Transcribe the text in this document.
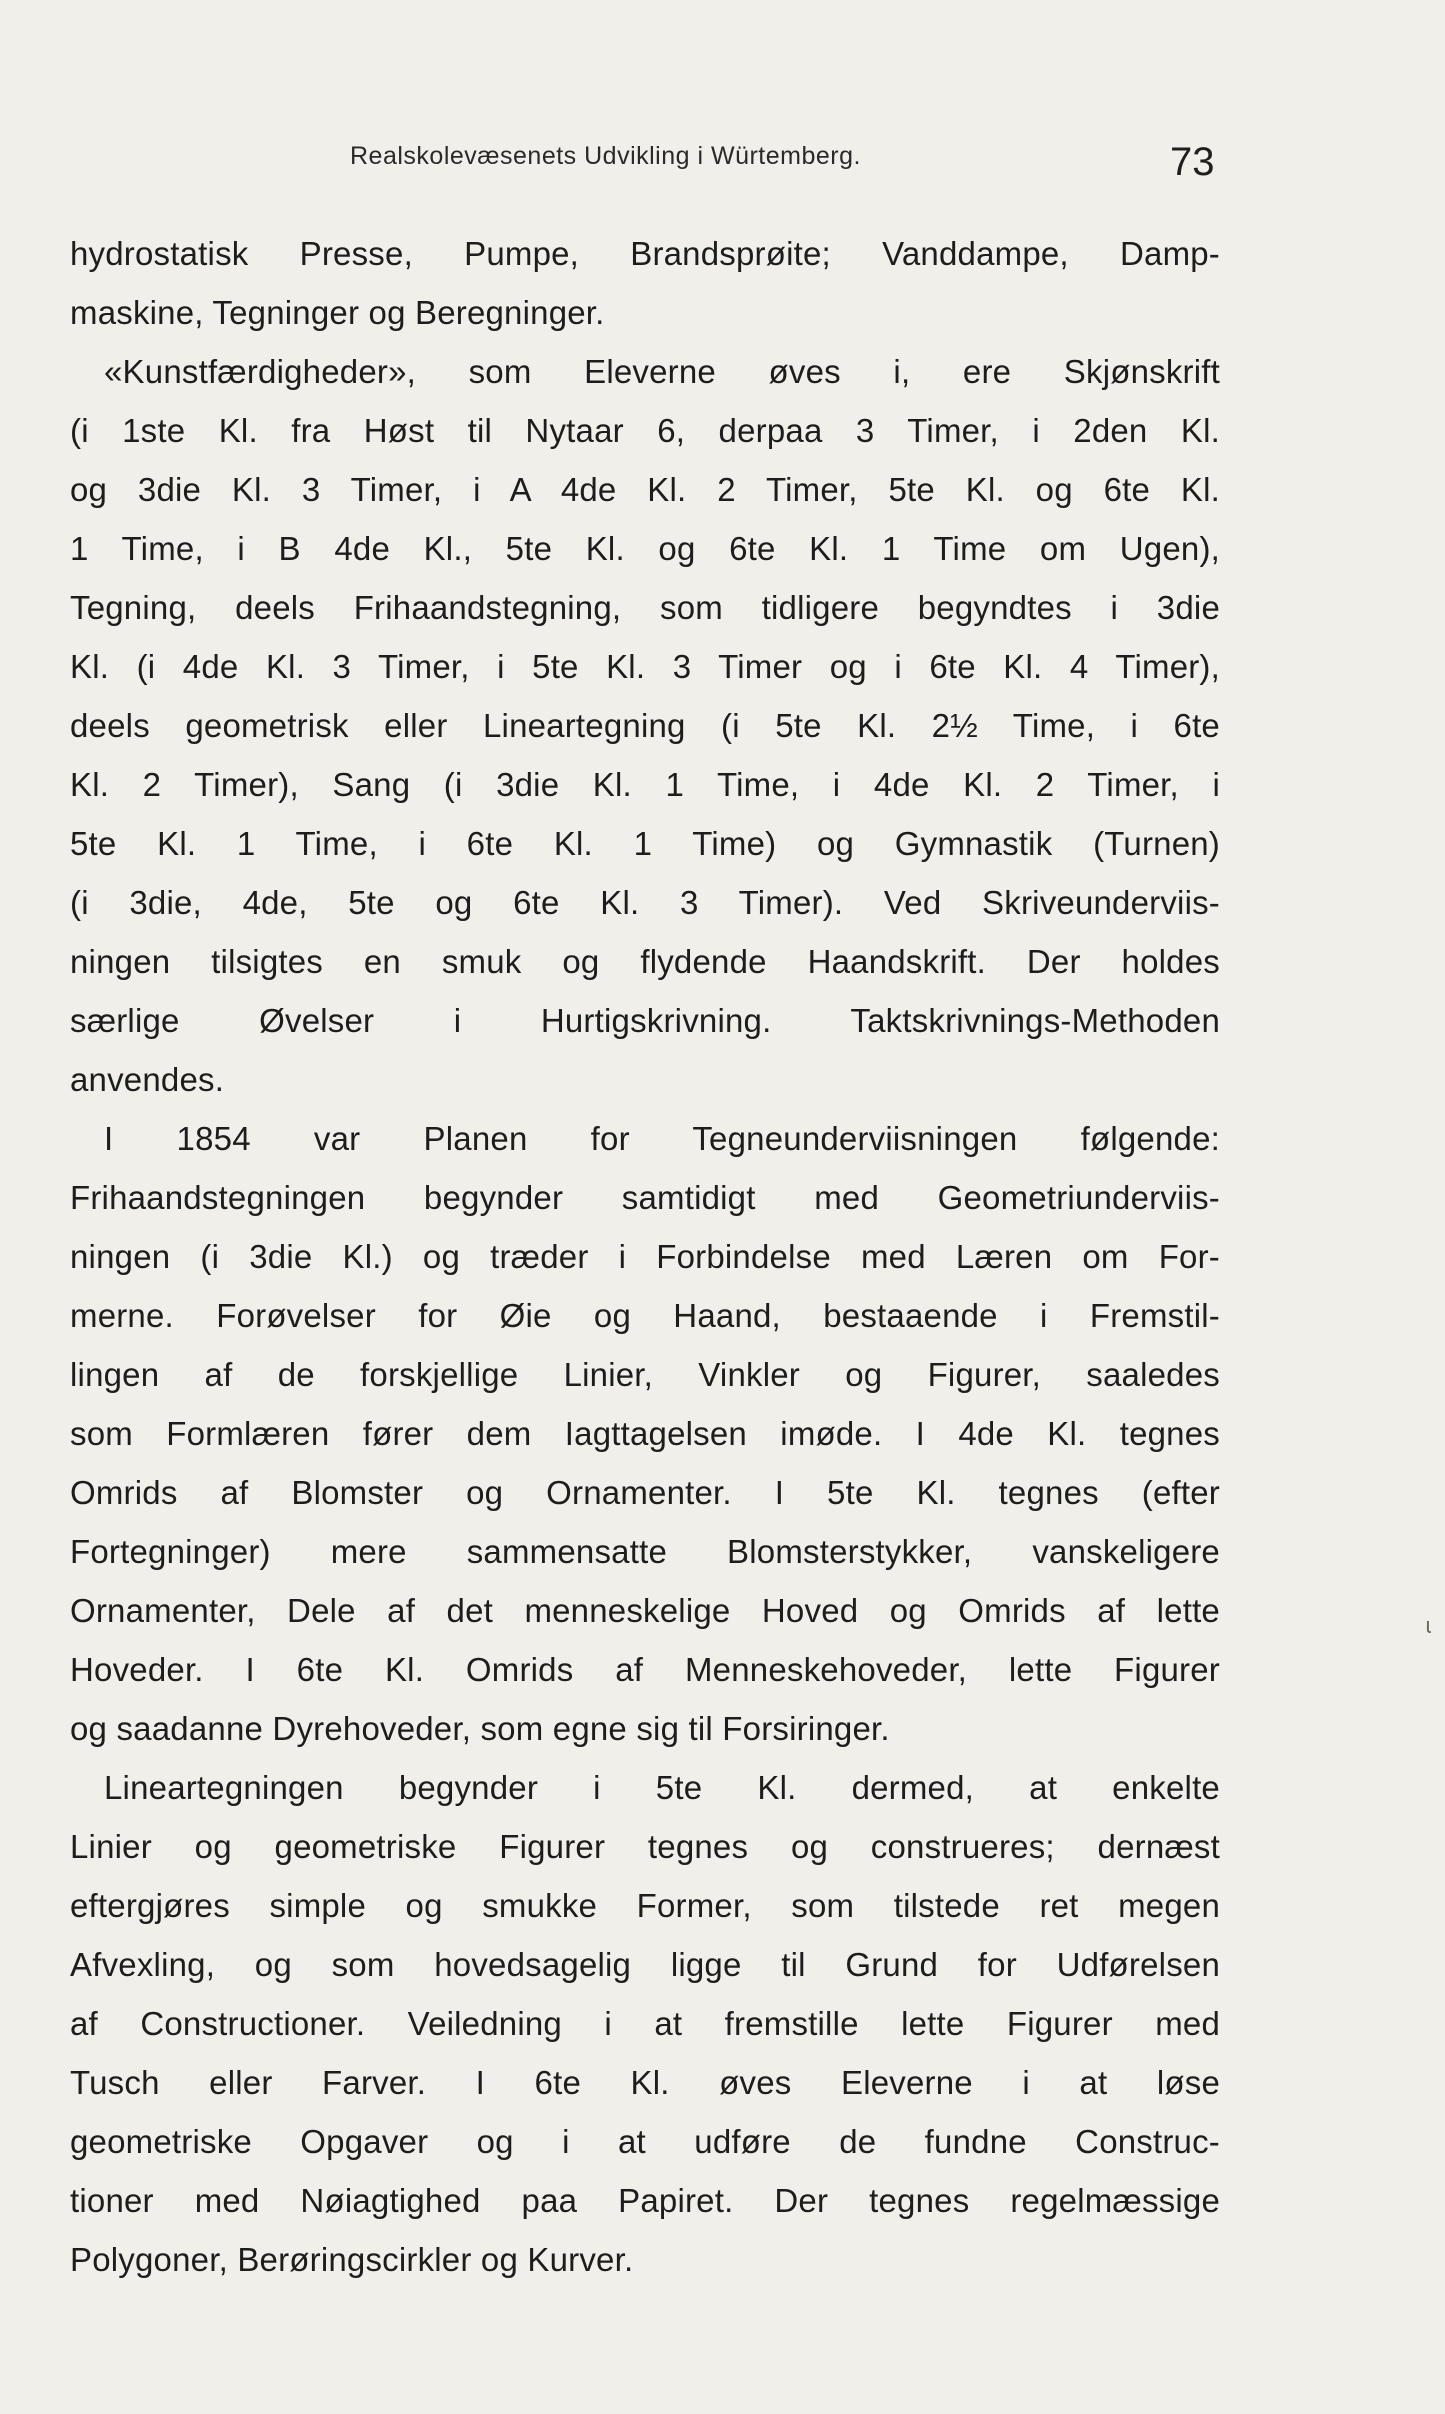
Realskolevæsenets Udvikling i Würtemberg.	73
hydrostatisk Presse, Pumpe, Brandsprøite; Vanddampe, Damp-
maskine, Tegninger og Beregninger.
«Kunstfærdigheder», som Eleverne øves i, ere Skjønskrift
(i 1ste Kl. fra Høst til Nytaar 6, derpaa 3 Timer, i 2den Kl.
og 3die Kl. 3 Timer, i A 4de Kl. 2 Timer, 5te Kl. og 6te Kl.
1 Time, i B 4de Kl., 5te Kl. og 6te Kl. 1 Time om Ugen),
Tegning, deels Frihaandstegning, som tidligere begyndtes i 3die
Kl. (i 4de Kl. 3 Timer, i 5te Kl. 3 Timer og i 6te Kl. 4 Timer),
deels geometrisk eller Lineartegning (i 5te Kl. 2½ Time, i 6te
Kl. 2 Timer), Sang (i 3die Kl. 1 Time, i 4de Kl. 2 Timer, i
5te Kl. 1 Time, i 6te Kl. 1 Time) og Gymnastik (Turnen)
(i 3die, 4de, 5te og 6te Kl. 3 Timer). Ved Skriveunderviis-
ningen tilsigtes en smuk og flydende Haandskrift. Der holdes
særlige Øvelser i Hurtigskrivning. Taktskrivnings-Methoden
anvendes.
I 1854 var Planen for Tegneunderviisningen følgende:
Frihaandstegningen begynder samtidigt med Geometriunderviis-
ningen (i 3die Kl.) og træder i Forbindelse med Læren om For-
merne. Forøvelser for Øie og Haand, bestaaende i Fremstil-
lingen af de forskjellige Linier, Vinkler og Figurer, saaledes
som Formlæren fører dem Iagttagelsen imøde. I 4de Kl. tegnes
Omrids af Blomster og Ornamenter. I 5te Kl. tegnes (efter
Fortegninger) mere sammensatte Blomsterstykker, vanskeligere
Ornamenter, Dele af det menneskelige Hoved og Omrids af lette
Hoveder. I 6te Kl. Omrids af Menneskehoveder, lette Figurer
og saadanne Dyrehoveder, som egne sig til Forsiringer.
Lineartegningen begynder i 5te Kl. dermed, at enkelte
Linier og geometriske Figurer tegnes og construeres; dernæst
eftergjøres simple og smukke Former, som tilstede ret megen
Afvexling, og som hovedsagelig ligge til Grund for Udførelsen
af Constructioner. Veiledning i at fremstille lette Figurer med
Tusch eller Farver. I 6te Kl. øves Eleverne i at løse
geometriske Opgaver og i at udføre de fundne Construc-
tioner med Nøiagtighed paa Papiret. Der tegnes regelmæssige
Polygoner, Berøringscirkler og Kurver.
ɩ
